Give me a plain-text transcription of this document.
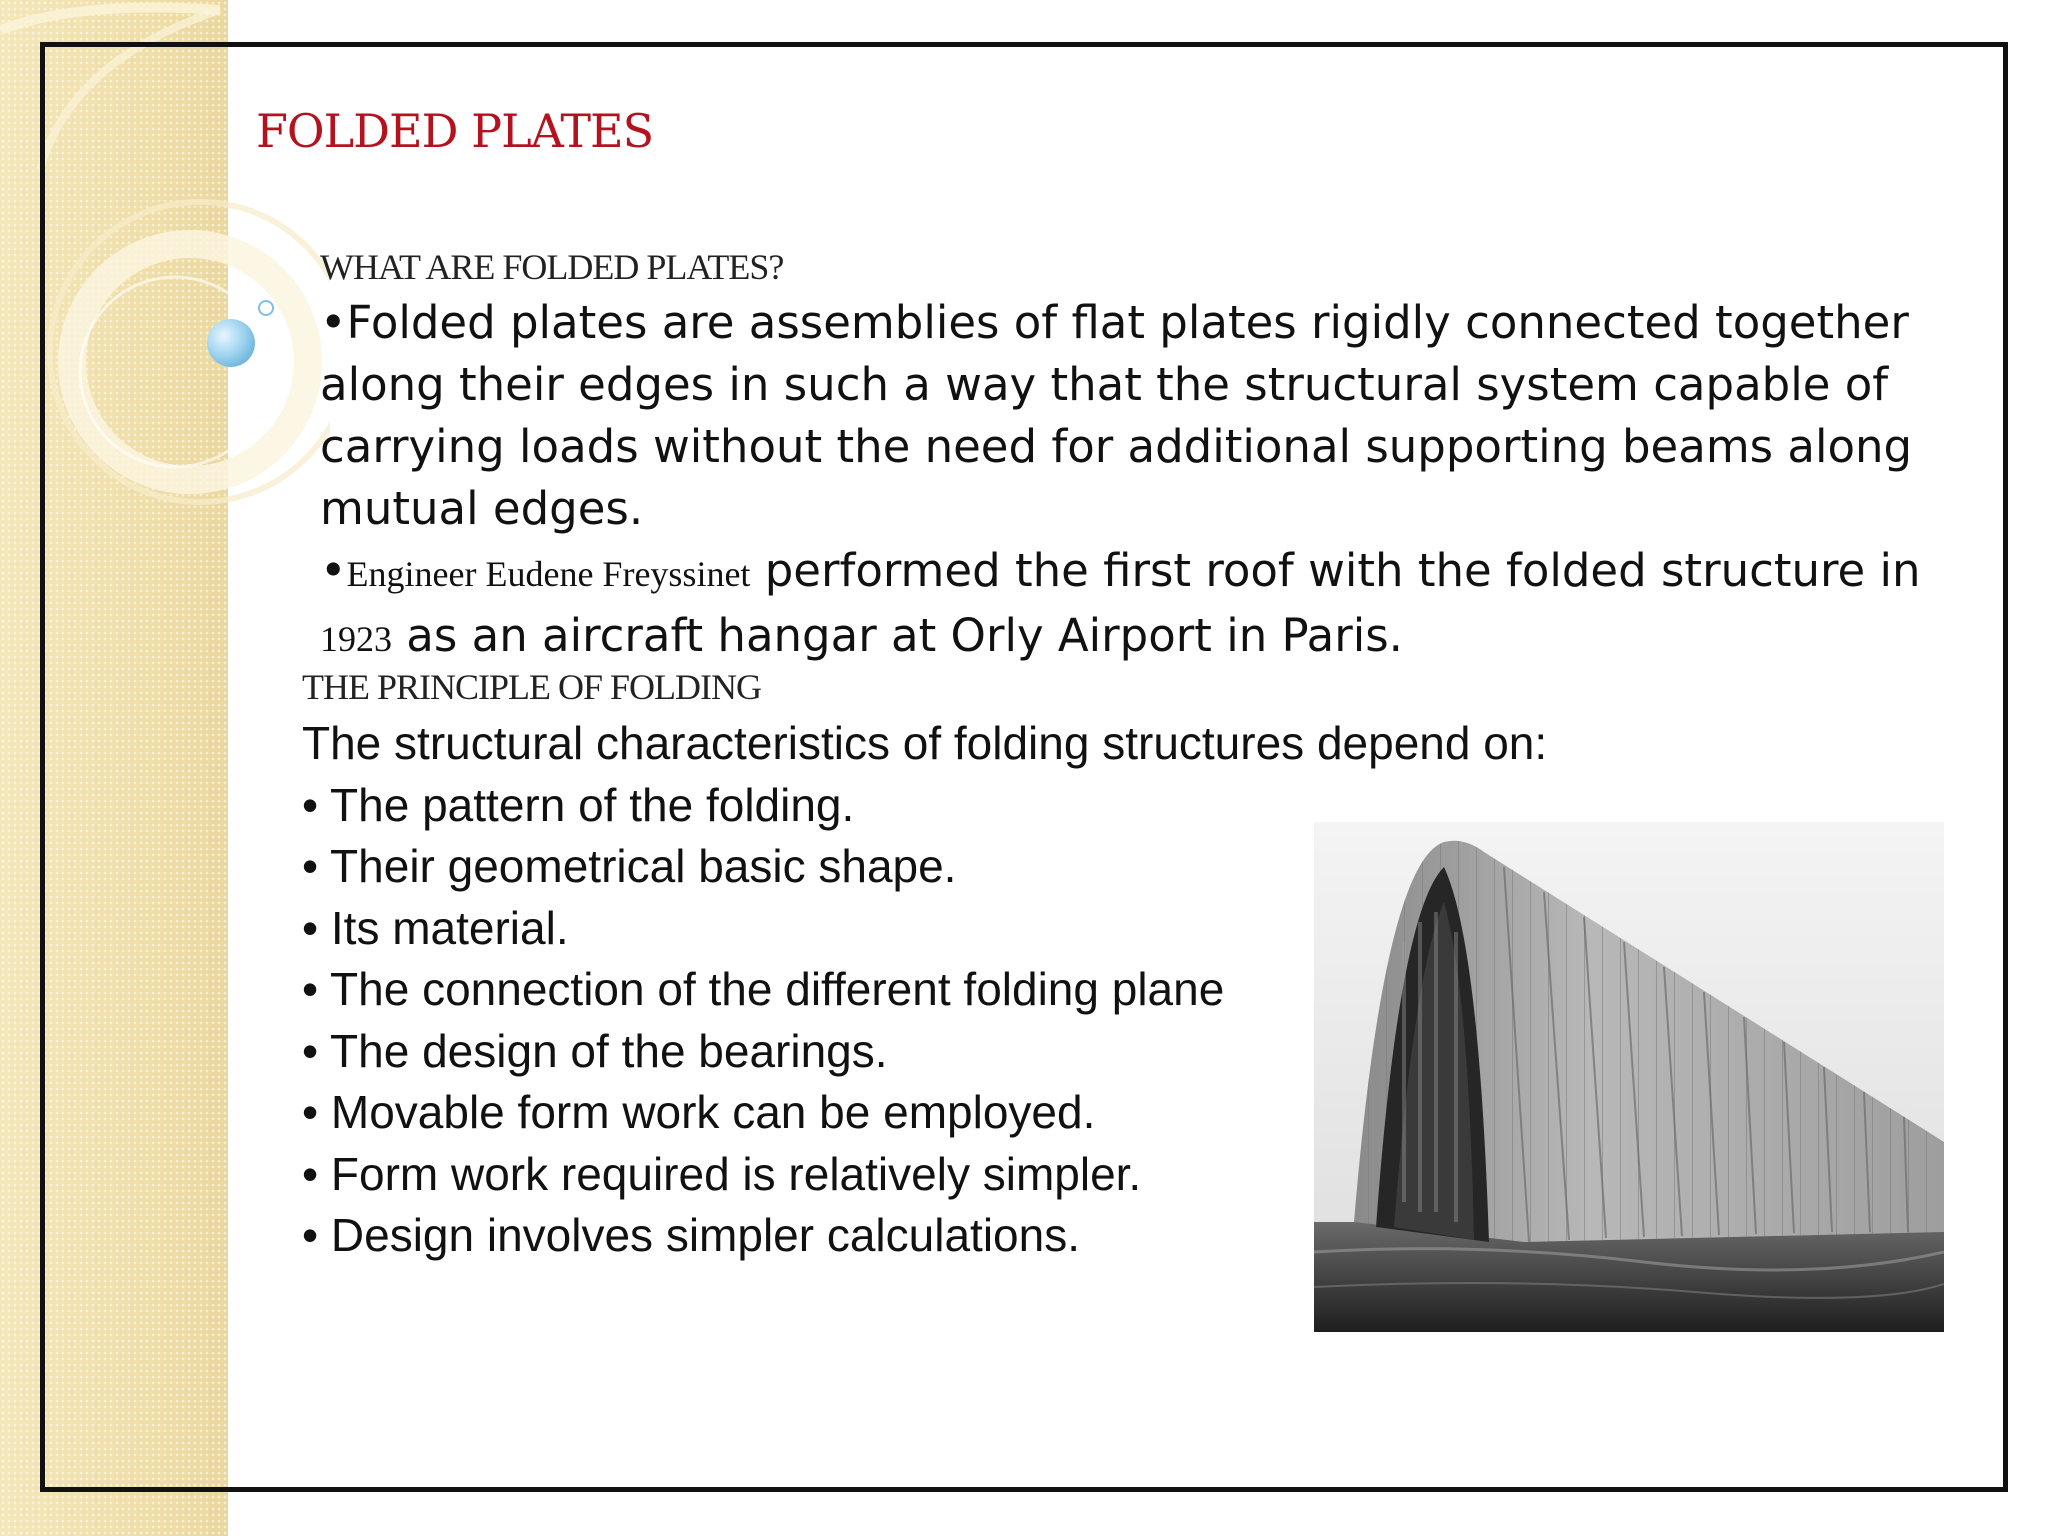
FOLDED PLATES
WHAT ARE FOLDED PLATES?

•Folded plates are assemblies of flat plates rigidly connected together along their edges in such a way that the structural system capable of carrying loads without the need for additional supporting beams along mutual edges.

•Engineer Eudene Freyssinet performed the first roof with the folded structure in 1923 as an aircraft hangar at Orly Airport in Paris.

THE PRINCIPLE OF FOLDING

The structural characteristics of folding structures depend on:

• The pattern of the folding.
• Their geometrical basic shape.
• Its material.
• The connection of the different folding plane
• The design of the bearings.
• Movable form work can be employed.
• Form work required is relatively simpler.
• Design involves simpler calculations.
